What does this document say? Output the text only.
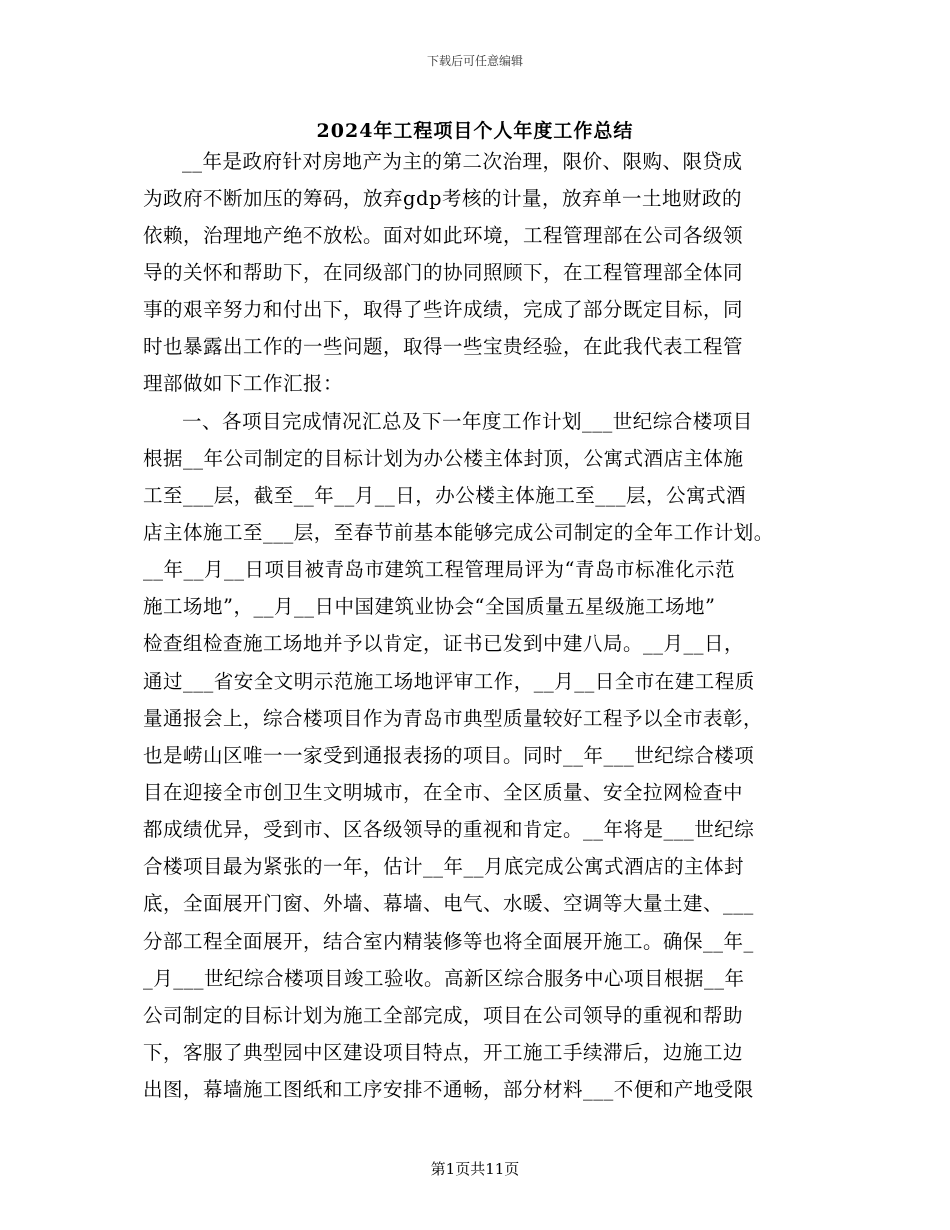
下载后可任意编辑
2024年工程项目个人年度工作总结
__年是政府针对房地产为主的第二次治理，限价、限购、限贷成
为政府不断加压的筹码，放弃gdp考核的计量，放弃单一土地财政的
依赖，治理地产绝不放松。面对如此环境，工程管理部在公司各级领
导的关怀和帮助下，在同级部门的协同照顾下，在工程管理部全体同
事的艰辛努力和付出下，取得了些许成绩，完成了部分既定目标，同
时也暴露出工作的一些问题，取得一些宝贵经验，在此我代表工程管
理部做如下工作汇报：
一、各项目完成情况汇总及下一年度工作计划___世纪综合楼项目
根据__年公司制定的目标计划为办公楼主体封顶，公寓式酒店主体施
工至___层，截至__年__月__日，办公楼主体施工至___层，公寓式酒
店主体施工至___层，至春节前基本能够完成公司制定的全年工作计划。
__年__月__日项目被青岛市建筑工程管理局评为“青岛市标准化示范
施工场地”，__月__日中国建筑业协会“全国质量五星级施工场地”
检查组检查施工场地并予以肯定，证书已发到中建八局。__月__日，
通过___省安全文明示范施工场地评审工作，__月__日全市在建工程质
量通报会上，综合楼项目作为青岛市典型质量较好工程予以全市表彰，
也是崂山区唯一一家受到通报表扬的项目。同时__年___世纪综合楼项
目在迎接全市创卫生文明城市，在全市、全区质量、安全拉网检查中
都成绩优异，受到市、区各级领导的重视和肯定。__年将是___世纪综
合楼项目最为紧张的一年，估计__年__月底完成公寓式酒店的主体封
底，全面展开门窗、外墙、幕墙、电气、水暖、空调等大量土建、___
分部工程全面展开，结合室内精装修等也将全面展开施工。确保__年_
_月___世纪综合楼项目竣工验收。高新区综合服务中心项目根据__年
公司制定的目标计划为施工全部完成，项目在公司领导的重视和帮助
下，客服了典型园中区建设项目特点，开工施工手续滞后，边施工边
出图，幕墙施工图纸和工序安排不通畅，部分材料___不便和产地受限
第1页共11页
